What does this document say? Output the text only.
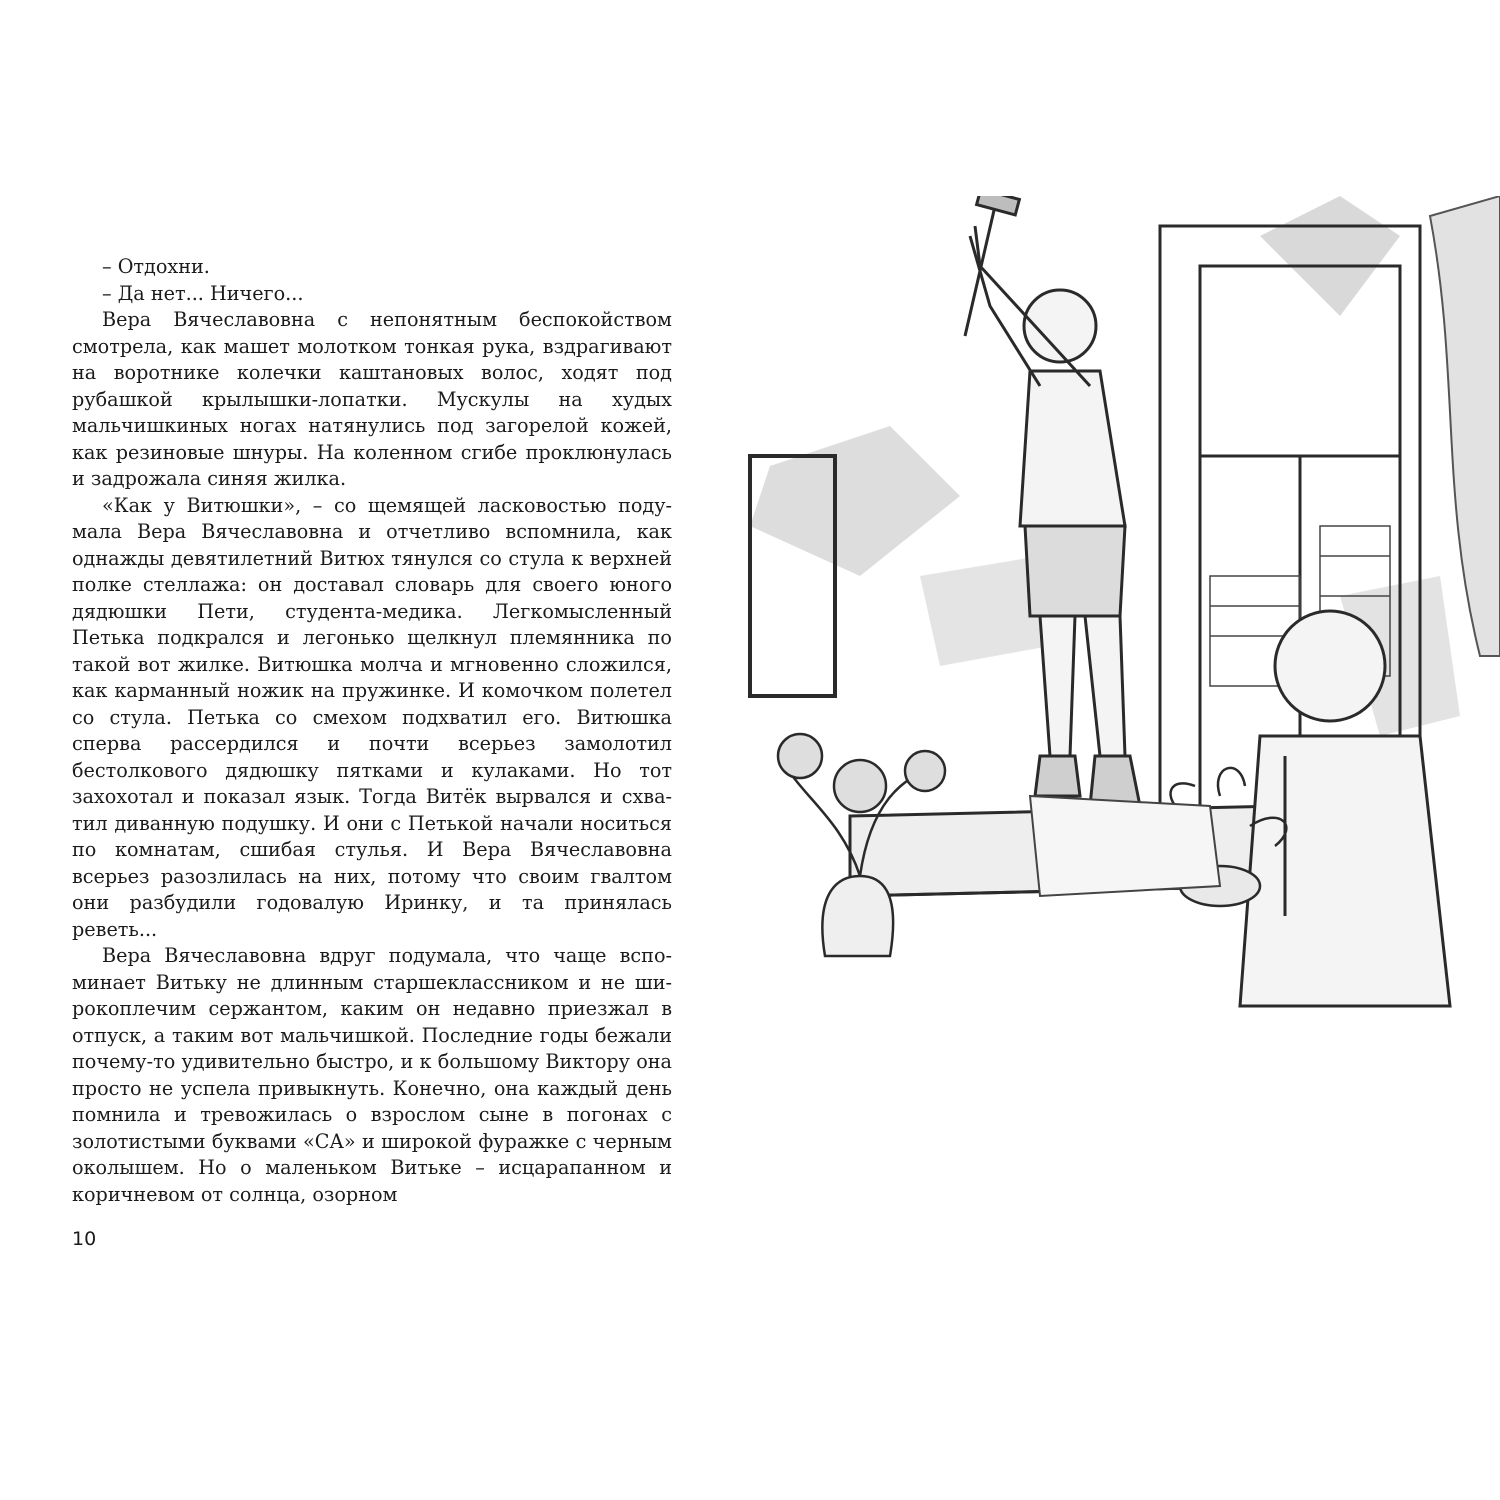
– Отдохни.

– Да нет... Ничего...

Вера Вячеславовна с непонятным беспокойством смотрела, как машет молотком тонкая рука, вздрагивают на воротнике колечки каштановых волос, ходят под рубашкой крылышки-лопатки. Мускулы на худых мальчишкиных ногах натянулись под загорелой кожей, как резиновые шнуры. На коленном сгибе проклюнулась и задрожала синяя жилка.

«Как у Витюшки», – со щемящей ласковостью подумала Вера Вячеславовна и отчетливо вспомнила, как однажды девятилетний Витюх тянулся со стула к верхней полке стеллажа: он доставал словарь для своего юного дядюшки Пети, студента-медика. Легкомысленный Петька подкрался и легонько щелкнул племянника по такой вот жилке. Витюшка молча и мгновенно сложился, как карманный ножик на пружинке. И комочком полетел со стула. Петька со смехом подхватил его. Витюшка сперва рассердился и почти всерьез замолотил бестолкового дядюшку пятками и кулаками. Но тот захохотал и показал язык. Тогда Витёк вырвался и схватил диванную подушку. И они с Петькой начали носиться по комнатам, сшибая стулья. И Вера Вячеславовна всерьез разозлилась на них, потому что своим гвалтом они разбудили годовалую Иринку, и та принялась реветь...

Вера Вячеславовна вдруг подумала, что чаще вспоминает Витьку не длинным старшеклассником и не широкоплечим сержантом, каким он недавно приезжал в отпуск, а таким вот мальчишкой. Последние годы бежали почему-то удивительно быстро, и к большому Виктору она просто не успела привыкнуть. Конечно, она каждый день помнила и тревожилась о взрослом сыне в погонах с золотистыми буквами «СА» и широкой фуражке с черным околышем. Но о маленьком Витьке – исцарапанном и коричневом от солнца, озорном

10
